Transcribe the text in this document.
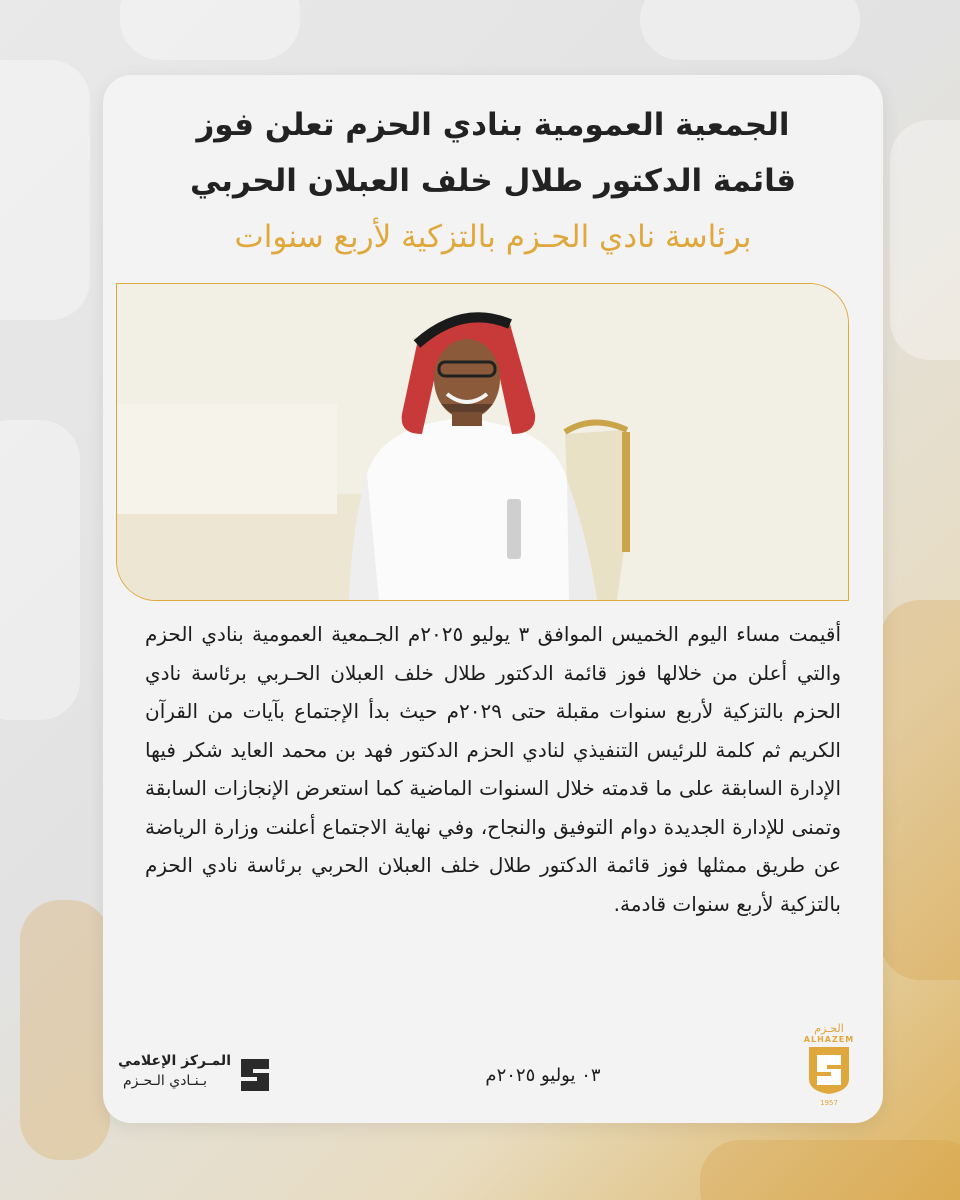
الجمعية العمومية بنادي الحزم تعلن فوز
قائمة الدكتور طلال خلف العبلان الحربي
برئاسة نادي الحـزم بالتزكية لأربع سنوات
أقيمت مساء اليوم الخميس الموافق ٣ يوليو ٢٠٢٥م الجـمعية العمومية بنادي الحزم والتي أعلن من خلالها فوز قائمة الدكتور طلال خلف العبلان الحـربي برئاسة نادي الحزم بالتزكية لأربع سنوات مقبلة حتى ٢٠٢٩م حيث بدأ الإجتماع بآيات من القرآن الكريم ثم كلمة للرئيس التنفيذي لنادي الحزم الدكتور فهد بن محمد العايد شكر فيها الإدارة السابقة على ما قدمته خلال السنوات الماضية كما استعرض الإنجازات السابقة وتمنى للإدارة الجديدة دوام التوفيق والنجاح، وفي نهاية الاجتماع أعلنت وزارة الرياضة عن طريق ممثلها فوز قائمة الدكتور طلال خلف العبلان الحربي برئاسة نادي الحزم بالتزكية لأربع سنوات قادمة.
٠٣ يوليو ٢٠٢٥م
المـركز الإعلامي
بـنـادي الـحـزم
الحـزم
ALHAZEM
1957
